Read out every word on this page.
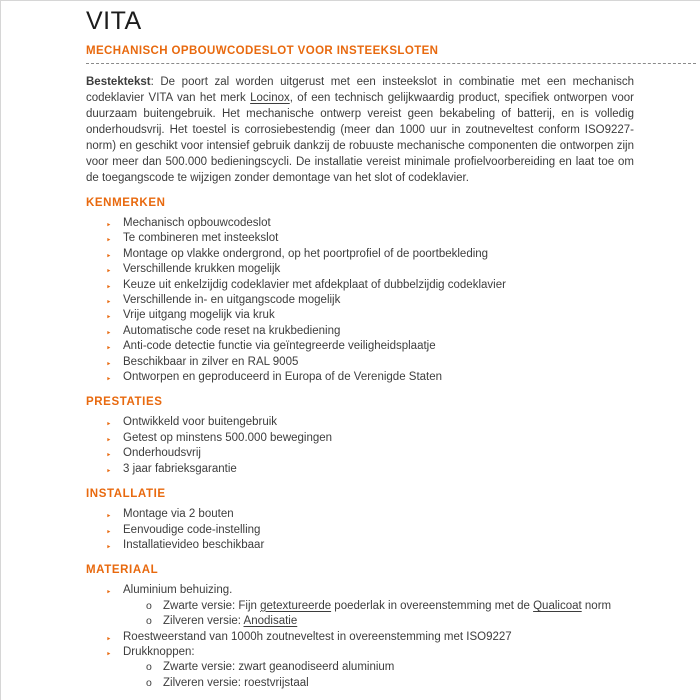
VITA
MECHANISCH OPBOUWCODESLOT VOOR INSTEEKSLOTEN

Bestektekst: De poort zal worden uitgerust met een insteekslot in combinatie met een mechanisch codeklavier VITA van het merk Locinox, of een technisch gelijkwaardig product, specifiek ontworpen voor duurzaam buitengebruik. Het mechanische ontwerp vereist geen bekabeling of batterij, en is volledig onderhoudsvrij. Het toestel is corrosiebestendig (meer dan 1000 uur in zoutneveltest conform ISO9227-norm) en geschikt voor intensief gebruik dankzij de robuuste mechanische componenten die ontworpen zijn voor meer dan 500.000 bedieningscycli. De installatie vereist minimale profielvoorbereiding en laat toe om de toegangscode te wijzigen zonder demontage van het slot of codeklavier.

KENMERKEN
‣ Mechanisch opbouwcodeslot
‣ Te combineren met insteekslot
‣ Montage op vlakke ondergrond, op het poortprofiel of de poortbekleding
‣ Verschillende krukken mogelijk
‣ Keuze uit enkelzijdig codeklavier met afdekplaat of dubbelzijdig codeklavier
‣ Verschillende in- en uitgangscode mogelijk
‣ Vrije uitgang mogelijk via kruk
‣ Automatische code reset na krukbediening
‣ Anti-code detectie functie via geïntegreerde veiligheidsplaatje
‣ Beschikbaar in zilver en RAL 9005
‣ Ontworpen en geproduceerd in Europa of de Verenigde Staten
PRESTATIES
‣ Ontwikkeld voor buitengebruik
‣ Getest op minstens 500.000 bewegingen
‣ Onderhoudsvrij
‣ 3 jaar fabrieksgarantie
INSTALLATIE
‣ Montage via 2 bouten
‣ Eenvoudige code-instelling
‣ Installatievideo beschikbaar
MATERIAAL
‣ Aluminium behuizing.
o Zwarte versie: Fijn getextureerde poederlak in overeenstemming met de Qualicoat norm
o Zilveren versie: Anodisatie
‣ Roestweerstand van 1000h zoutneveltest in overeenstemming met ISO9227
‣ Drukknoppen:
o Zwarte versie: zwart geanodiseerd aluminium
o Zilveren versie: roestvrijstaal
